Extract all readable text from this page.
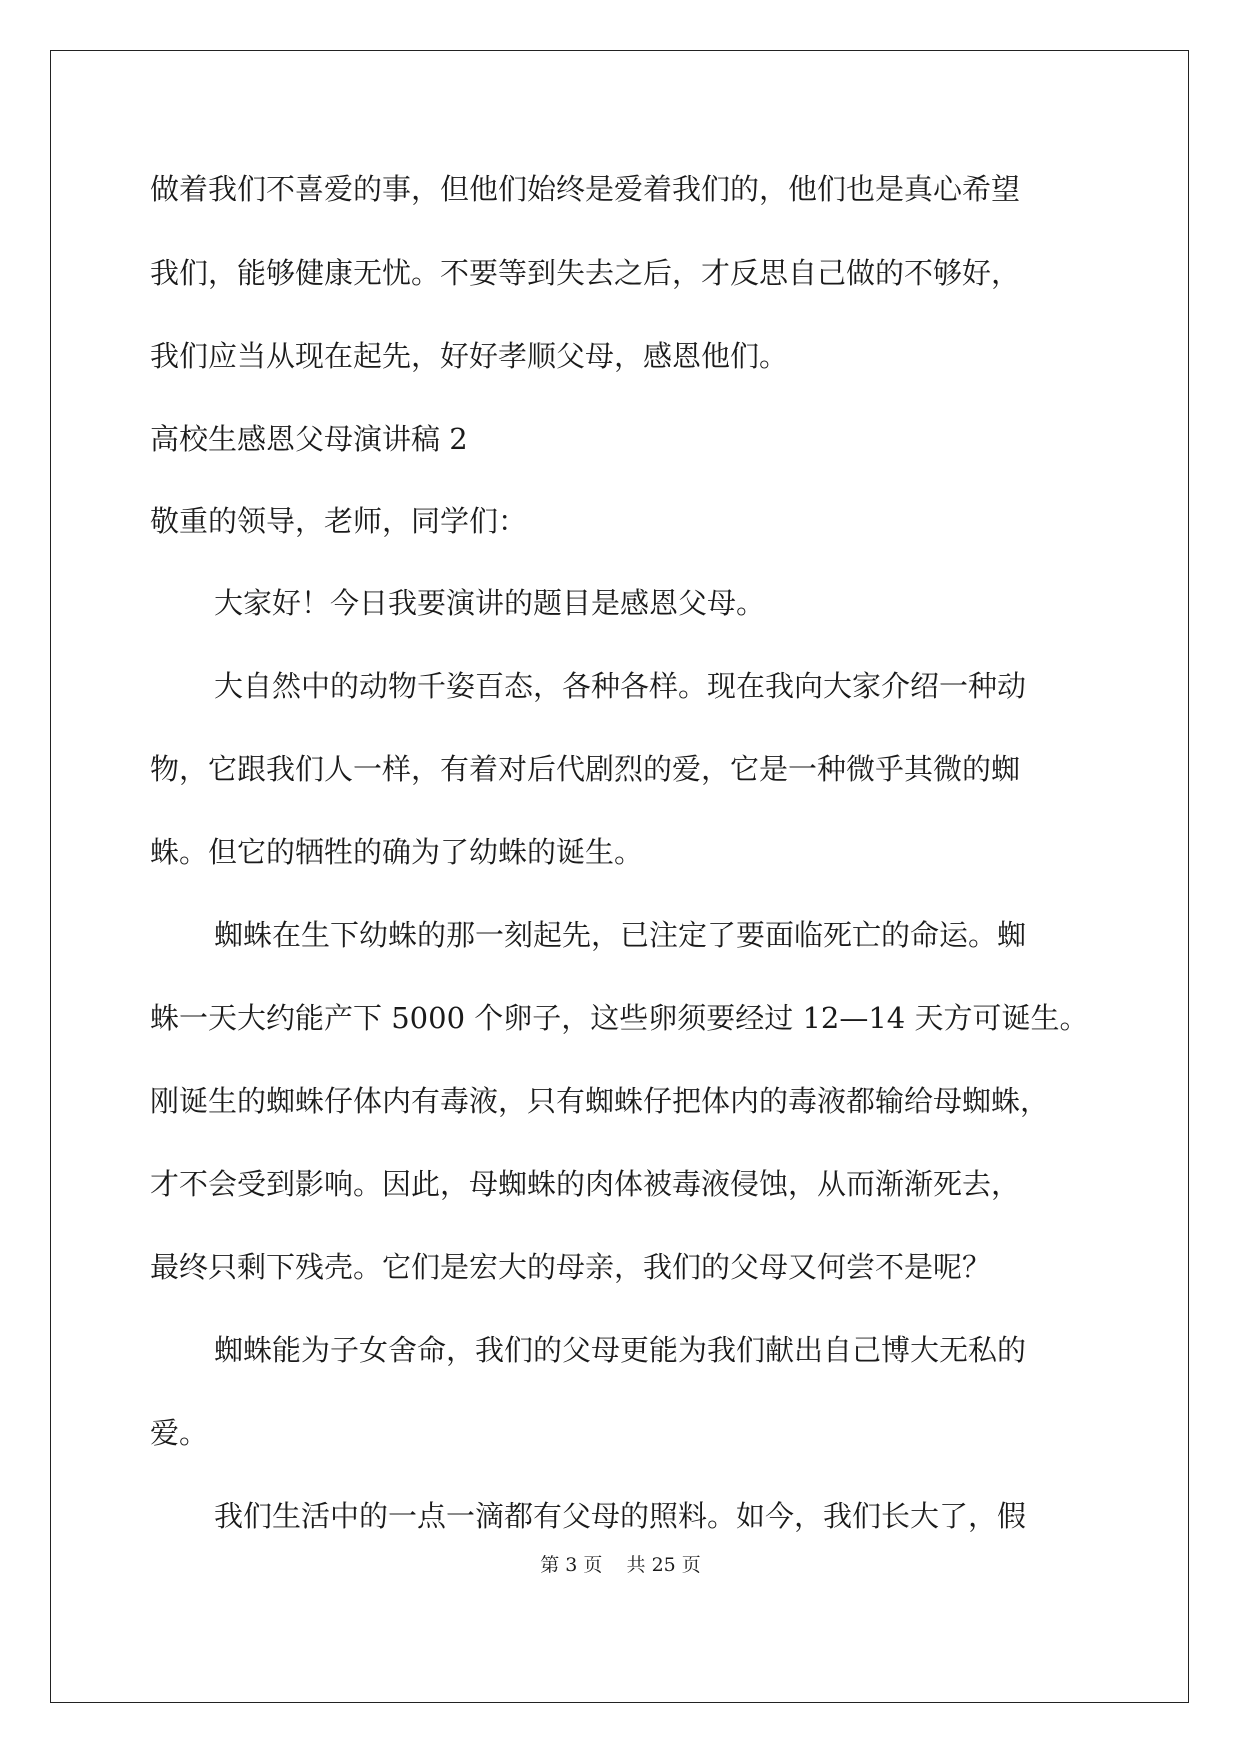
做着我们不喜爱的事，但他们始终是爱着我们的，他们也是真心希望

我们，能够健康无忧。不要等到失去之后，才反思自己做的不够好，

我们应当从现在起先，好好孝顺父母，感恩他们。

高校生感恩父母演讲稿 2

敬重的领导，老师，同学们：

大家好！今日我要演讲的题目是感恩父母。

大自然中的动物千姿百态，各种各样。现在我向大家介绍一种动

物，它跟我们人一样，有着对后代剧烈的爱，它是一种微乎其微的蜘

蛛。但它的牺牲的确为了幼蛛的诞生。

蜘蛛在生下幼蛛的那一刻起先，已注定了要面临死亡的命运。蜘

蛛一天大约能产下 5000 个卵子，这些卵须要经过 12—14 天方可诞生。

刚诞生的蜘蛛仔体内有毒液，只有蜘蛛仔把体内的毒液都输给母蜘蛛，

才不会受到影响。因此，母蜘蛛的肉体被毒液侵蚀，从而渐渐死去，

最终只剩下残壳。它们是宏大的母亲，我们的父母又何尝不是呢？

蜘蛛能为子女舍命，我们的父母更能为我们献出自己博大无私的

爱。

我们生活中的一点一滴都有父母的照料。如今，我们长大了，假

第 3 页    共 25 页
